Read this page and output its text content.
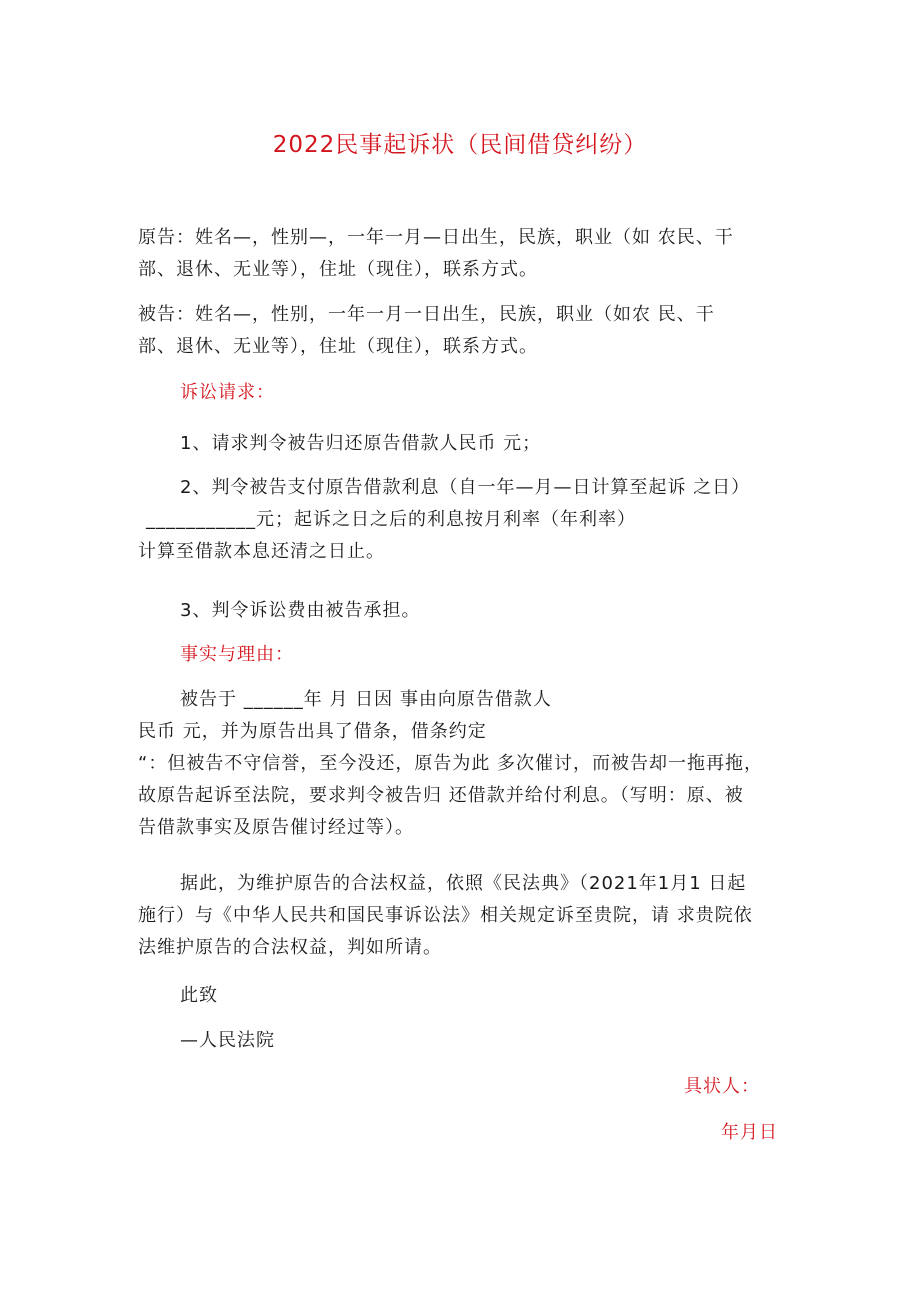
2022民事起诉状（民间借贷纠纷）
原告：姓名—，性别—，一年一月—日出生，民族，职业（如 农民、干
部、退休、无业等），住址（现住），联系方式。
被告：姓名—，性别，一年一月一日出生，民族，职业（如农 民、干
部、退休、无业等），住址（现住），联系方式。
诉讼请求：
1、请求判令被告归还原告借款人民币 元；
2、判令被告支付原告借款利息（自一年—月—日计算至起诉 之日）
___________元；起诉之日之后的利息按月利率（年利率）
计算至借款本息还清之日止。
3、判令诉讼费由被告承担。
事实与理由：
被告于 ______年 月 日因 事由向原告借款人
民币 元，并为原告出具了借条，借条约定
“：但被告不守信誉，至今没还，原告为此 多次催讨，而被告却一拖再拖，
故原告起诉至法院，要求判令被告归 还借款并给付利息。（写明：原、被
告借款事实及原告催讨经过等）。
据此，为维护原告的合法权益，依照《民法典》（2021年1月1 日起
施行）与《中华人民共和国民事诉讼法》相关规定诉至贵院，请 求贵院依
法维护原告的合法权益，判如所请。
此致
—人民法院
具状人：
年月日
